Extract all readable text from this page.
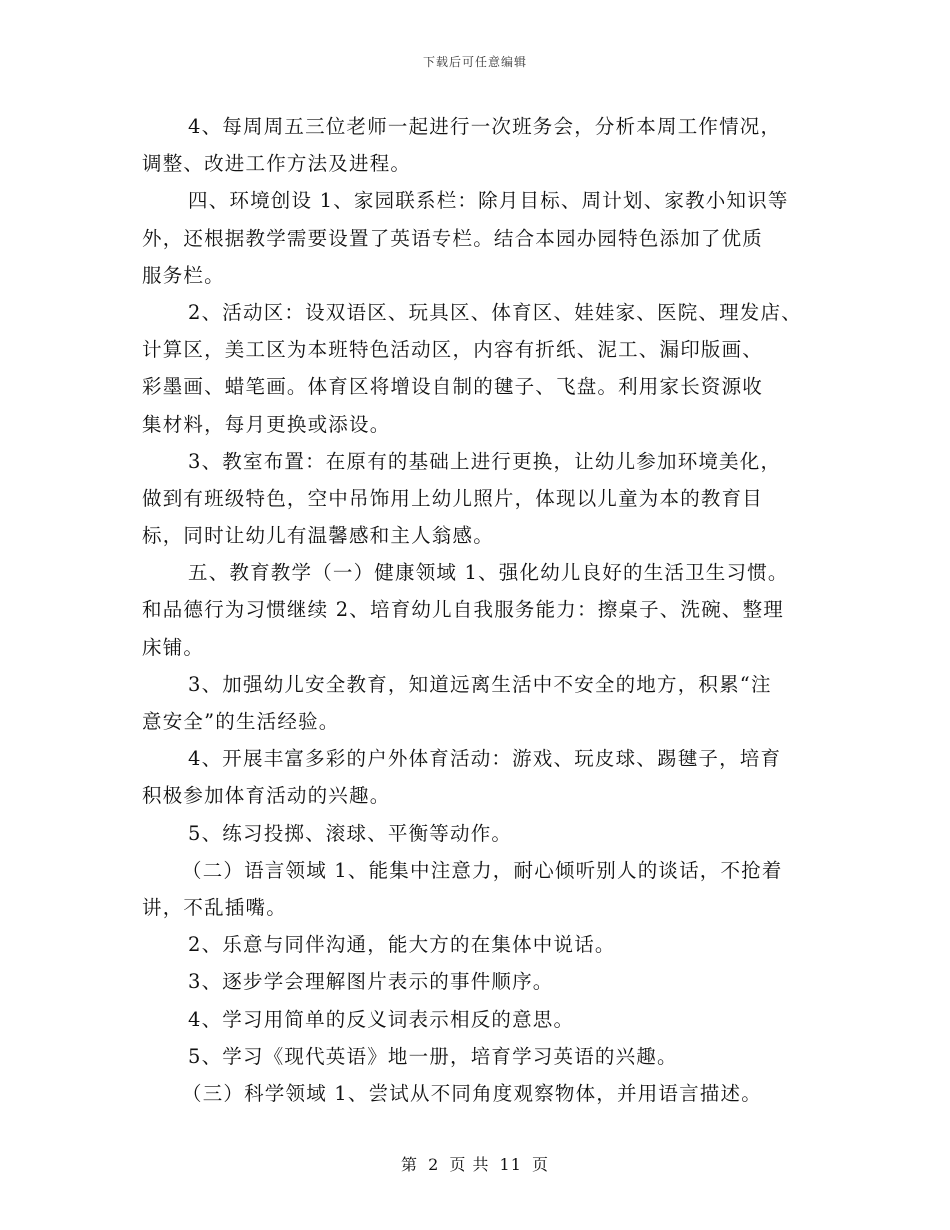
下载后可任意编辑
4、每周周五三位老师一起进行一次班务会，分析本周工作情况，
调整、改进工作方法及进程。
四、环境创设 1、家园联系栏：除月目标、周计划、家教小知识等
外，还根据教学需要设置了英语专栏。结合本园办园特色添加了优质
服务栏。
2、活动区：设双语区、玩具区、体育区、娃娃家、医院、理发店、
计算区，美工区为本班特色活动区，内容有折纸、泥工、漏印版画、
彩墨画、蜡笔画。体育区将增设自制的毽子、飞盘。利用家长资源收
集材料，每月更换或添设。
3、教室布置：在原有的基础上进行更换，让幼儿参加环境美化，
做到有班级特色，空中吊饰用上幼儿照片，体现以儿童为本的教育目
标，同时让幼儿有温馨感和主人翁感。
五、教育教学（一）健康领域 1、强化幼儿良好的生活卫生习惯。
和品德行为习惯继续 2、培育幼儿自我服务能力：擦桌子、洗碗、整理
床铺。
3、加强幼儿安全教育，知道远离生活中不安全的地方，积累“注
意安全”的生活经验。
4、开展丰富多彩的户外体育活动：游戏、玩皮球、踢毽子，培育
积极参加体育活动的兴趣。
5、练习投掷、滚球、平衡等动作。
（二）语言领域 1、能集中注意力，耐心倾听别人的谈话，不抢着
讲，不乱插嘴。
2、乐意与同伴沟通，能大方的在集体中说话。
3、逐步学会理解图片表示的事件顺序。
4、学习用简单的反义词表示相反的意思。
5、学习《现代英语》地一册，培育学习英语的兴趣。
（三）科学领域 1、尝试从不同角度观察物体，并用语言描述。
第 2 页 共 11 页
